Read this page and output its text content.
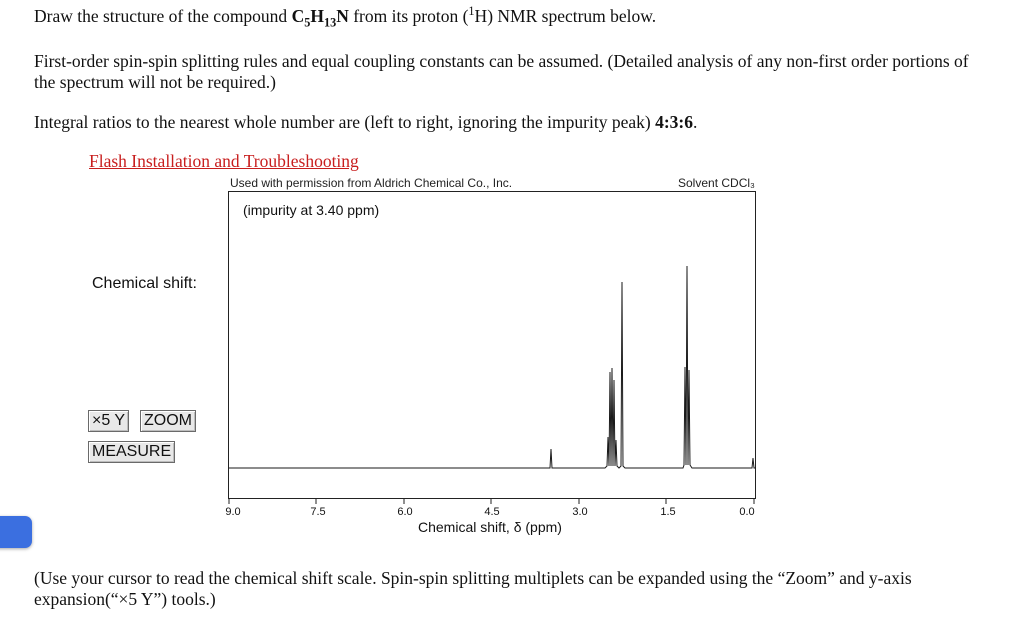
Draw the structure of the compound $C_5H_{13}N$ from its proton ($^1$H) NMR spectrum below.

First-order spin-spin splitting rules and equal coupling constants can be assumed. (Detailed analysis of any non-first order portions of the spectrum will not be required.)

Integral ratios to the nearest whole number are (left to right, ignoring the impurity peak) 4:3:6.

Flash Installation and Troubleshooting
Used with permission from Aldrich Chemical Co., Inc.	Solvent CDCl₃
(impurity at 3.40 ppm)
Chemical shift:
×5 Y ZOOM
MEASURE
9.0	7.5	6.0	4.5	3.0	1.5	0.0
Chemical shift, δ (ppm)

(Use your cursor to read the chemical shift scale. Spin-spin splitting multiplets can be expanded using the “Zoom” and y-axis expansion(“×5 Y”) tools.)
